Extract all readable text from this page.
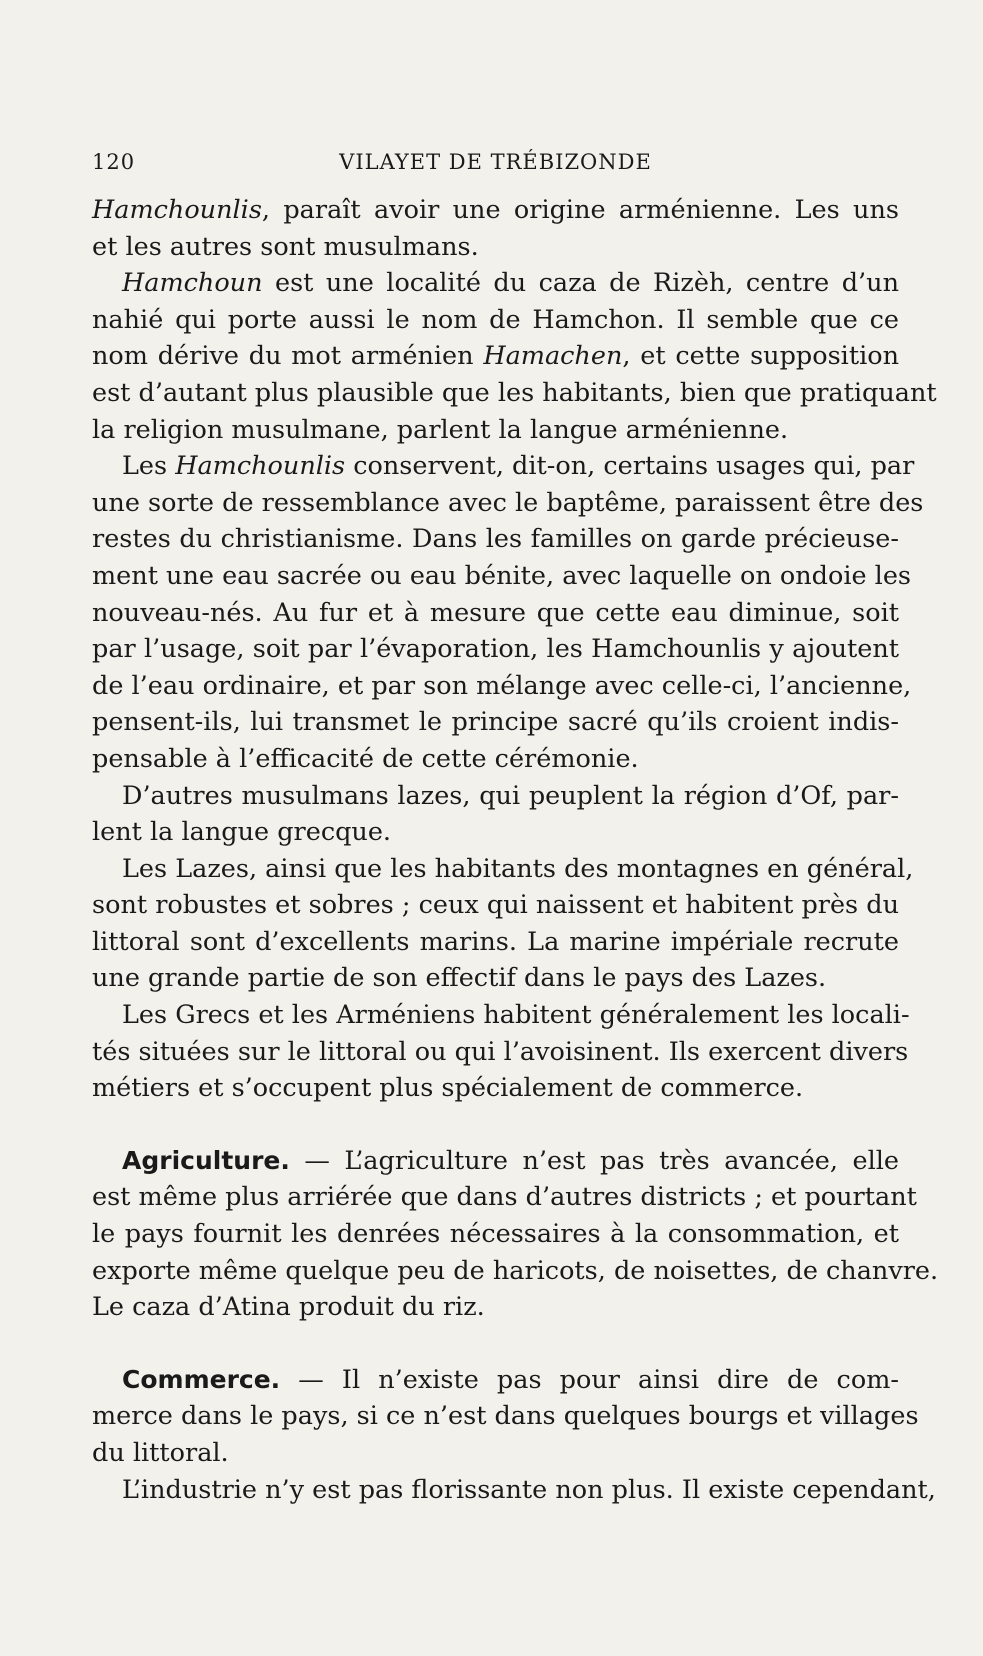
120	VILAYET DE TRÉBIZONDE
Hamchounlis, paraît avoir une origine arménienne. Les uns
et les autres sont musulmans.
Hamchoun est une localité du caza de Rizèh, centre d’un
nahié qui porte aussi le nom de Hamchon. Il semble que ce
nom dérive du mot arménien Hamachen, et cette supposition
est d’autant plus plausible que les habitants, bien que pratiquant
la religion musulmane, parlent la langue arménienne.
Les Hamchounlis conservent, dit-on, certains usages qui, par
une sorte de ressemblance avec le baptême, paraissent être des
restes du christianisme. Dans les familles on garde précieuse-
ment une eau sacrée ou eau bénite, avec laquelle on ondoie les
nouveau-nés. Au fur et à mesure que cette eau diminue, soit
par l’usage, soit par l’évaporation, les Hamchounlis y ajoutent
de l’eau ordinaire, et par son mélange avec celle-ci, l’ancienne,
pensent-ils, lui transmet le principe sacré qu’ils croient indis-
pensable à l’efficacité de cette cérémonie.
D’autres musulmans lazes, qui peuplent la région d’Of, par-
lent la langue grecque.
Les Lazes, ainsi que les habitants des montagnes en général,
sont robustes et sobres ; ceux qui naissent et habitent près du
littoral sont d’excellents marins. La marine impériale recrute
une grande partie de son effectif dans le pays des Lazes.
Les Grecs et les Arméniens habitent généralement les locali-
tés situées sur le littoral ou qui l’avoisinent. Ils exercent divers
métiers et s’occupent plus spécialement de commerce.
Agriculture. — L’agriculture n’est pas très avancée, elle
est même plus arriérée que dans d’autres districts ; et pourtant
le pays fournit les denrées nécessaires à la consommation, et
exporte même quelque peu de haricots, de noisettes, de chanvre.
Le caza d’Atina produit du riz.
Commerce. — Il n’existe pas pour ainsi dire de com-
merce dans le pays, si ce n’est dans quelques bourgs et villages
du littoral.
L’industrie n’y est pas florissante non plus. Il existe cependant,
